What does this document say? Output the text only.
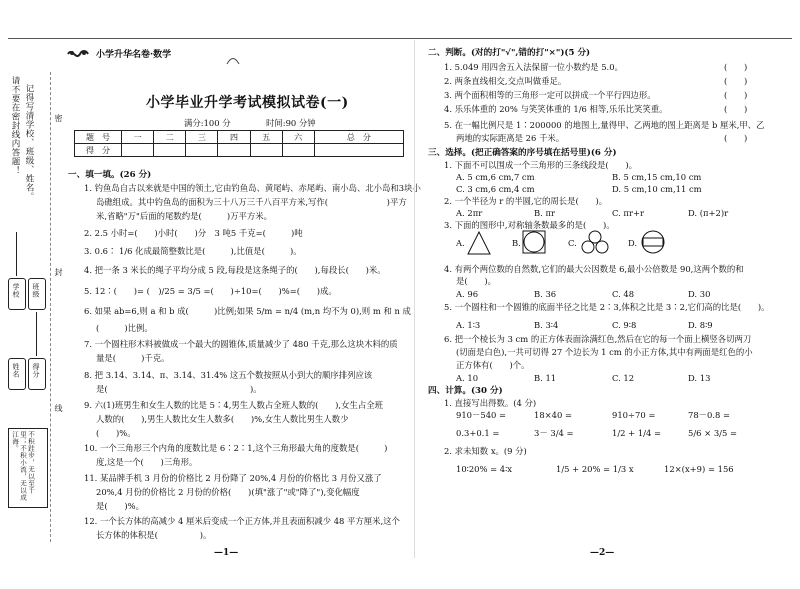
小学升华名卷·数学
请不要在密封线内答题！ 记得写清学校、班级、姓名。	密
封
线
学校 班级
姓名 得分
不积跬步，无以至千里；不积小流，无以成江海。
小学毕业升学考试模拟试卷(一)
满分:100 分	时间:90 分钟
题　号	一	二	三	四	五	六	总　分
得　分							
一、填一填。(26 分)
1. 钓鱼岛自古以来就是中国的领土,它由钓鱼岛、黄尾屿、赤尾屿、南小岛、北小岛和3块小
岛礁组成。其中钓鱼岛的面积为三十八万三千八百平方米,写作(　　　　　　　)平方
米,省略"万"后面的尾数约是(　　　)万平方米。
2. 2.5 小时=(　　)小时(　　)分　3 吨5 千克=(　　　)吨
3. 0.6∶ 1/6 化成最简整数比是(　　　),比值是(　　　)。
4. 把一条 3 米长的绳子平均分成 5 段,每段是这条绳子的(　　),每段长(　　)米。
5. 12∶(　　)= (　)/25 = 3/5 =(　　)÷10=(　　)%=(　　)成。
6. 如果 ab=6,则 a 和 b 成(　　　)比例;如果 5/m = n/4 (m,n 均不为 0),则 m 和 n 成
(　　　)比例。
7. 一个圆柱形木料被做成一个最大的圆锥体,质量减少了 480 千克,那么这块木料的质
量是(　　　)千克。
8. 把 3.14、3.14、π、3.14、31.4% 这五个数按照从小到大的顺序排列应该
是(　　　　　　　　　　　　　　　　　)。
9. 六(1)班男生和女生人数的比是 5∶4,男生人数占全班人数的(　　),女生占全班
人数的(　　),男生人数比女生人数多(　　)%,女生人数比男生人数少
(　　)%。
10. 一个三角形三个内角的度数比是 6∶2∶1,这个三角形最大角的度数是(　　　)
度,这是一个(　　)三角形。
11. 某品牌手机 3 月份的价格比 2 月份降了 20%,4 月份的价格比 3 月份又涨了
20%,4 月份的价格比 2 月份的价格(　　)(填"涨了"或"降了"),变化幅度
是(　　)%。
12. 一个长方体的高减少 4 厘米后变成一个正方体,并且表面积减少 48 平方厘米,这个
长方体的体积是(　　　　　)。
—1—
二、判断。(对的打"√",错的打"×")(5 分)
1. 5.049 用四舍五入法保留一位小数约是 5.0。	(　　)
2. 两条直线相交,交点叫做垂足。	(　　)
3. 两个面积相等的三角形一定可以拼成一个平行四边形。	(　　)
4. 乐乐体重的 20% 与笑笑体重的 1/6 相等,乐乐比笑笑重。	(　　)
5. 在一幅比例尺是 1∶200000 的地图上,量得甲、乙两地的图上距离是 b 厘米,甲、乙
两地的实际距离是 26 千米。	(　　)
三、选择。(把正确答案的序号填在括号里)(6 分)
1. 下面不可以围成一个三角形的三条线段是(　　)。
A. 5 cm,6 cm,7 cm	B. 5 cm,15 cm,10 cm
C. 3 cm,6 cm,4 cm	D. 5 cm,10 cm,11 cm
2. 一个半径为 r 的半圆,它的周长是(　　)。
A. 2πr	B. πr	C. πr+r	D. (π+2)r
3. 下面的图形中,对称轴条数最多的是(　　)。
A.	B.	C.	D.
4. 有两个两位数的自然数,它们的最大公因数是 6,最小公倍数是 90,这两个数的和
是(　　)。
A. 96	B. 36	C. 48	D. 30
5. 一个圆柱和一个圆锥的底面半径之比是 2∶3,体积之比是 3∶2,它们高的比是(　　)。
A. 1∶3	B. 3∶4	C. 9∶8	D. 8∶9
6. 把一个棱长为 3 cm 的正方体表面涂满红色,然后在它的每一个面上横竖各切两刀
(切面是白色),一共可切得 27 个边长为 1 cm 的小正方体,其中有两面是红色的小
正方体有(　　)个。
A. 10	B. 11	C. 12	D. 13
四、计算。(30 分)
1. 直接写出得数。(4 分)
910－540 =	18×40 =	910÷70 =	78－0.8 =
0.3+0.1 =	3－ 3/4 =	1/2 + 1/4 =	5/6 × 3/5 =
2. 求未知数 x。(9 分)
10∶20% = 4∶x	1/5 + 20% = 1/3 x	12×(x+9) = 156
—2—
